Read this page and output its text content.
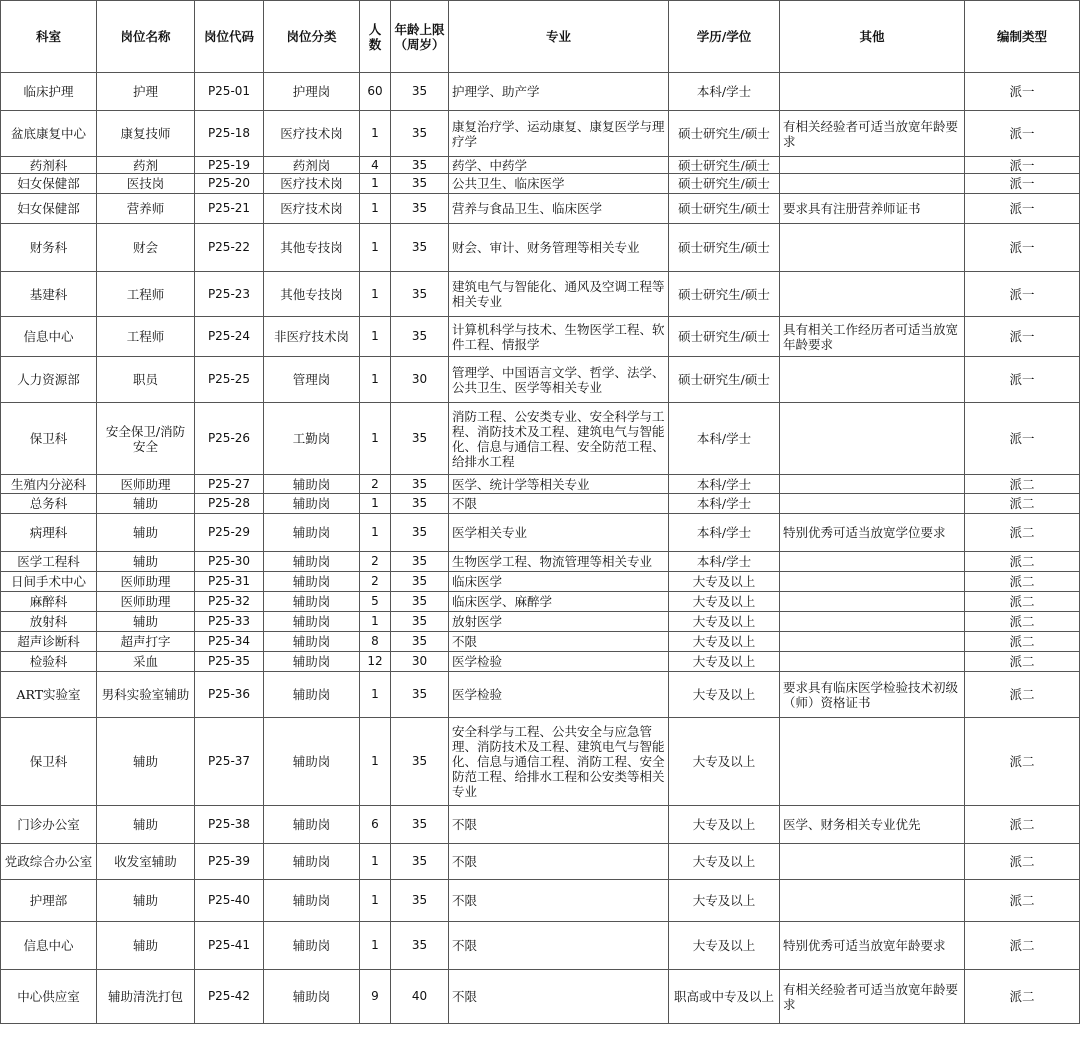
科室	岗位名称	岗位代码	岗位分类	人数	年龄上限（周岁）	专业	学历/学位	其他	编制类型
临床护理	护理	P25-01	护理岗	60	35	护理学、助产学	本科/学士		派一
盆底康复中心	康复技师	P25-18	医疗技术岗	1	35	康复治疗学、运动康复、康复医学与理疗学	硕士研究生/硕士	有相关经验者可适当放宽年龄要求	派一
药剂科	药剂	P25-19	药剂岗	4	35	药学、中药学	硕士研究生/硕士		派一
妇女保健部	医技岗	P25-20	医疗技术岗	1	35	公共卫生、临床医学	硕士研究生/硕士		派一
妇女保健部	营养师	P25-21	医疗技术岗	1	35	营养与食品卫生、临床医学	硕士研究生/硕士	要求具有注册营养师证书	派一
财务科	财会	P25-22	其他专技岗	1	35	财会、审计、财务管理等相关专业	硕士研究生/硕士		派一
基建科	工程师	P25-23	其他专技岗	1	35	建筑电气与智能化、通风及空调工程等相关专业	硕士研究生/硕士		派一
信息中心	工程师	P25-24	非医疗技术岗	1	35	计算机科学与技术、生物医学工程、软件工程、情报学	硕士研究生/硕士	具有相关工作经历者可适当放宽年龄要求	派一
人力资源部	职员	P25-25	管理岗	1	30	管理学、中国语言文学、哲学、法学、公共卫生、医学等相关专业	硕士研究生/硕士		派一
保卫科	安全保卫/消防安全	P25-26	工勤岗	1	35	消防工程、公安类专业、安全科学与工程、消防技术及工程、建筑电气与智能化、信息与通信工程、安全防范工程、给排水工程	本科/学士		派一
生殖内分泌科	医师助理	P25-27	辅助岗	2	35	医学、统计学等相关专业	本科/学士		派二
总务科	辅助	P25-28	辅助岗	1	35	不限	本科/学士		派二
病理科	辅助	P25-29	辅助岗	1	35	医学相关专业	本科/学士	特别优秀可适当放宽学位要求	派二
医学工程科	辅助	P25-30	辅助岗	2	35	生物医学工程、物流管理等相关专业	本科/学士		派二
日间手术中心	医师助理	P25-31	辅助岗	2	35	临床医学	大专及以上		派二
麻醉科	医师助理	P25-32	辅助岗	5	35	临床医学、麻醉学	大专及以上		派二
放射科	辅助	P25-33	辅助岗	1	35	放射医学	大专及以上		派二
超声诊断科	超声打字	P25-34	辅助岗	8	35	不限	大专及以上		派二
检验科	采血	P25-35	辅助岗	12	30	医学检验	大专及以上		派二
ART实验室	男科实验室辅助	P25-36	辅助岗	1	35	医学检验	大专及以上	要求具有临床医学检验技术初级（师）资格证书	派二
保卫科	辅助	P25-37	辅助岗	1	35	安全科学与工程、公共安全与应急管理、消防技术及工程、建筑电气与智能化、信息与通信工程、消防工程、安全防范工程、给排水工程和公安类等相关专业	大专及以上		派二
门诊办公室	辅助	P25-38	辅助岗	6	35	不限	大专及以上	医学、财务相关专业优先	派二
党政综合办公室	收发室辅助	P25-39	辅助岗	1	35	不限	大专及以上		派二
护理部	辅助	P25-40	辅助岗	1	35	不限	大专及以上		派二
信息中心	辅助	P25-41	辅助岗	1	35	不限	大专及以上	特别优秀可适当放宽年龄要求	派二
中心供应室	辅助清洗打包	P25-42	辅助岗	9	40	不限	职高或中专及以上	有相关经验者可适当放宽年龄要求	派二
